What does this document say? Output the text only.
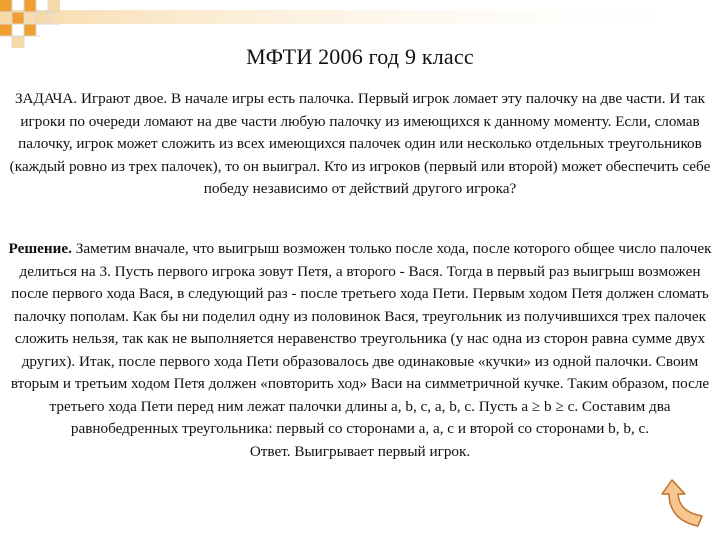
МФТИ 2006 год 9 класс
ЗАДАЧА. Играют двое. В начале игры есть палочка. Первый игрок ломает эту палочку на две части. И так игроки по очереди ломают на две части любую палочку из имеющихся к данному моменту. Если, сломав палочку, игрок может сложить из всех имеющихся палочек один или несколько отдельных треугольников (каждый ровно из трех палочек), то он выиграл. Кто из игроков (первый или второй) может обеспечить себе победу независимо от действий другого игрока?
Решение. Заметим вначале, что выигрыш возможен только после хода, после которого общее число палочек делиться на 3. Пусть первого игрока зовут Петя, а второго - Вася. Тогда в первый раз выигрыш возможен после первого хода Вася, в следующий раз - после третьего хода Пети. Первым ходом Петя должен сломать палочку пополам. Как бы ни поделил одну из половинок Вася, треугольник из получившихся трех палочек сложить нельзя, так как не выполняется неравенство треугольника (у нас одна из сторон равна сумме двух других). Итак, после первого хода Пети образовалось две одинаковые «кучки» из одной палочки. Своим вторым и третьим ходом Петя должен «повторить ход» Васи на симметричной кучке. Таким образом, после третьего хода Пети перед ним лежат палочки длины a, b, c, a, b, c. Пусть a ≥ b ≥ c. Составим два равнобедренных треугольника: первый со сторонами a, a, c и второй со сторонами b, b, c.
Ответ. Выигрывает первый игрок.
